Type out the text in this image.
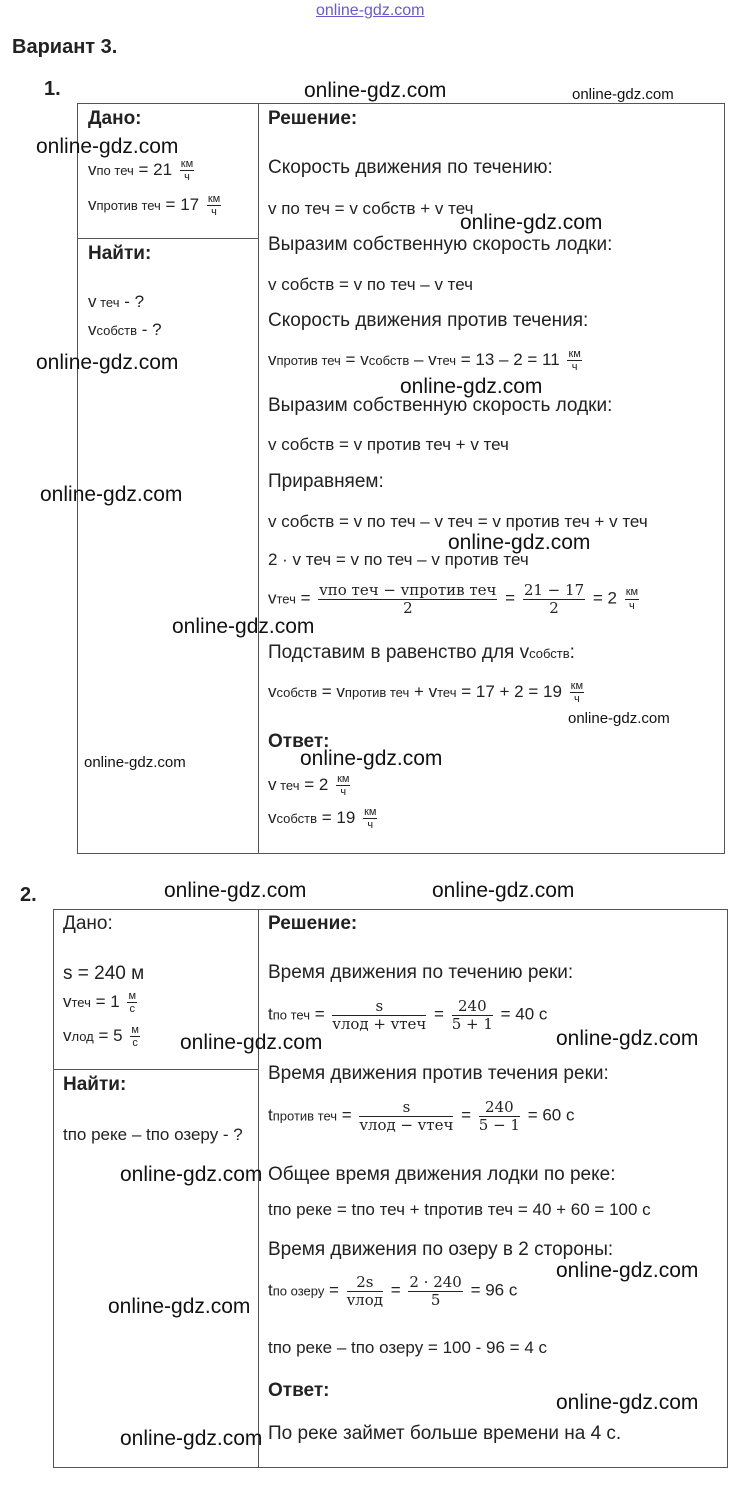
online-gdz.com
Вариант 3.
1.
Дано:
vпо теч = $21 \frac{км}{ч}$
vпротив теч = $17 \frac{км}{ч}$
Найти:
v теч - ?
vсобств - ?
Решение:
Скорость движения по течению:
v по теч = v собств + v теч
Выразим собственную скорость лодки:
v собств = v по теч – v теч
Скорость движения против течения:
vпротив теч = vсобств – vтеч = $13 - 2 = 11 \frac{км}{ч}$
Выразим собственную скорость лодки:
v собств = v против теч + v теч
Приравняем:
v собств = v по теч – v теч = v против теч + v теч
2 · v теч = v по теч – v против теч
vтеч = $\frac{\text{vпо теч − vпротив теч}}{2} = \frac{21 - 17}{2} = 2 \frac{км}{ч}$
Подставим в равенство для vсобств:
vсобств = vпротив теч + vтеч = $17 + 2 = 19 \frac{км}{ч}$
Ответ:
v теч = $2 \frac{км}{ч}$
vсобств = $19 \frac{км}{ч}$
2.
Дано:
s = 240 м
vтеч = $1 \frac{м}{с}$
vлод = $5 \frac{м}{с}$
Найти:
tпо реке – tпо озеру - ?
Решение:
Время движения по течению реки:
tпо теч = $\frac{s}{\text{vлод + vтеч}} = \frac{240}{5 + 1} = 40$ с
Время движения против течения реки:
tпротив теч = $\frac{s}{\text{vлод − vтеч}} = \frac{240}{5 - 1} = 60$ с
Общее время движения лодки по реке:
tпо реке = tпо теч + tпротив теч = 40 + 60 = 100 с
Время движения по озеру в 2 стороны:
tпо озеру = $\frac{2s}{\text{vлод}} = \frac{2 \cdot 240}{5} = 96$ с
tпо реке – tпо озеру = 100 - 96 = 4 с
Ответ:
По реке займет больше времени на 4 с.
online-gdz.com	online-gdz.com
online-gdz.com
online-gdz.com
online-gdz.com
online-gdz.com
online-gdz.com
online-gdz.com
online-gdz.com
online-gdz.com
online-gdz.com
online-gdz.com
online-gdz.com	online-gdz.com
online-gdz.com	online-gdz.com
online-gdz.com
online-gdz.com
online-gdz.com
online-gdz.com
online-gdz.com
